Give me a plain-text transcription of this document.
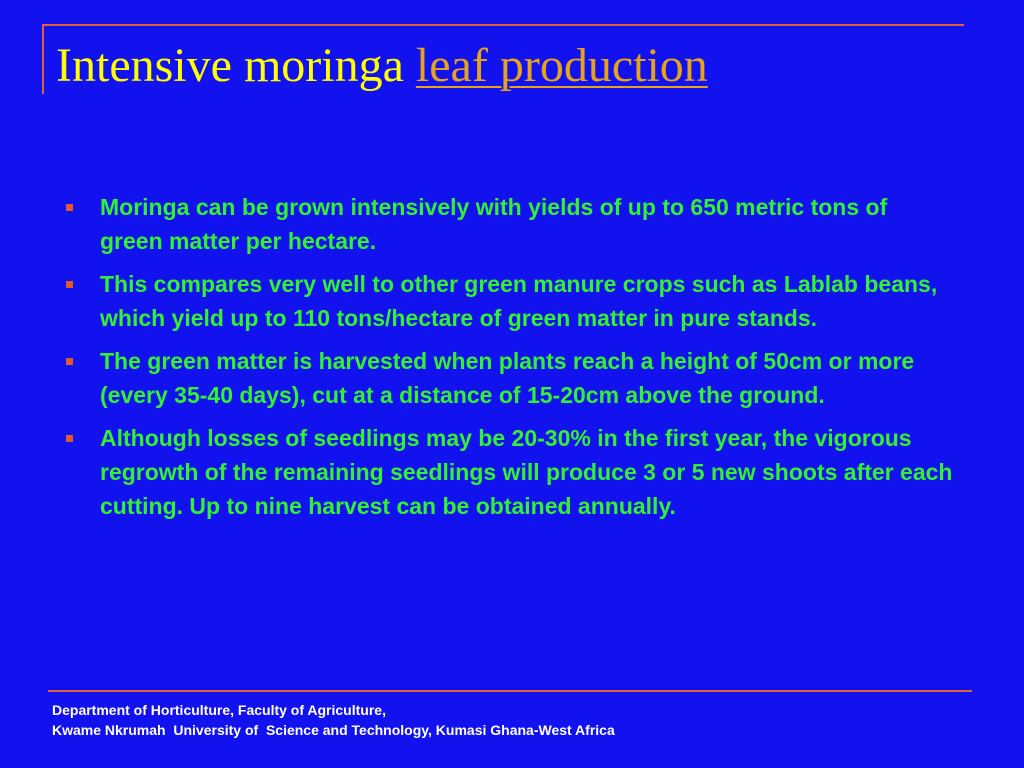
Intensive moringa leaf production
Moringa can be grown intensively with yields of up to 650 metric tons of green matter per hectare.
This compares very well to other green manure crops such as Lablab beans, which yield up to 110 tons/hectare of green matter in pure stands.
The green matter is harvested when plants reach a height of 50cm or more (every 35-40 days), cut at a distance of 15-20cm above the ground.
Although losses of seedlings may be 20-30% in the first year, the vigorous regrowth of the remaining seedlings will produce 3 or 5 new shoots after each cutting. Up to nine harvest can be obtained annually.
Department of Horticulture, Faculty of Agriculture,
Kwame Nkrumah  University of  Science and Technology, Kumasi Ghana-West Africa
